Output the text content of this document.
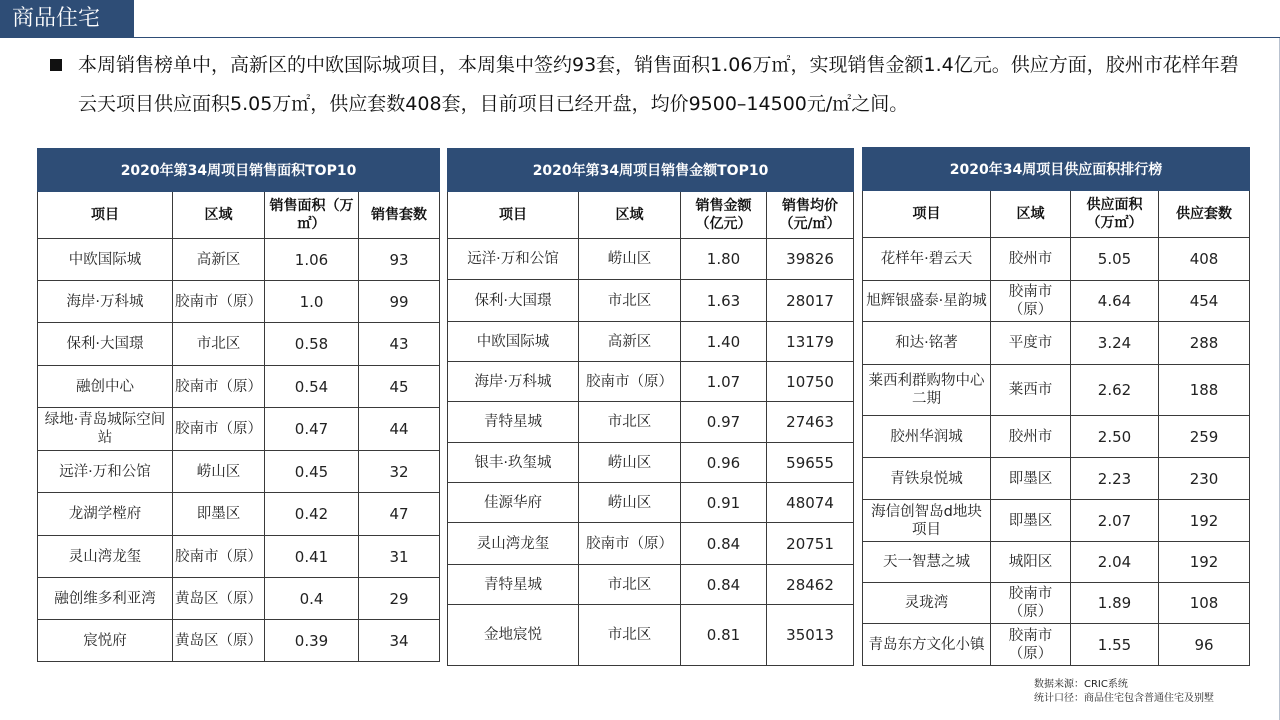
商品住宅
本周销售榜单中，高新区的中欧国际城项目，本周集中签约93套，销售面积1.06万㎡，实现销售金额1.4亿元。供应方面，胶州市花样年碧云天项目供应面积5.05万㎡，供应套数408套，目前项目已经开盘，均价9500–14500元/㎡之间。
2020年第34周项目销售面积TOP10			
项目	区域	销售面积（万㎡）	销售套数
中欧国际城	高新区	1.06	93
海岸·万科城	胶南市（原）	1.0	99
保利·大国璟	市北区	0.58	43
融创中心	胶南市（原）	0.54	45
绿地·青岛城际空间站	胶南市（原）	0.47	44
远洋·万和公馆	崂山区	0.45	32
龙湖学樘府	即墨区	0.42	47
灵山湾龙玺	胶南市（原）	0.41	31
融创维多利亚湾	黄岛区（原）	0.4	29
宸悦府	黄岛区（原）	0.39	34
2020年第34周项目销售金额TOP10			
项目	区域	销售金额（亿元）	销售均价（元/㎡）
远洋·万和公馆	崂山区	1.80	39826
保利·大国璟	市北区	1.63	28017
中欧国际城	高新区	1.40	13179
海岸·万科城	胶南市（原）	1.07	10750
青特星城	市北区	0.97	27463
银丰·玖玺城	崂山区	0.96	59655
佳源华府	崂山区	0.91	48074
灵山湾龙玺	胶南市（原）	0.84	20751
青特星城	市北区	0.84	28462
金地宸悦	市北区	0.81	35013
2020年34周项目供应面积排行榜			
项目	区域	供应面积（万㎡）	供应套数
花样年·碧云天	胶州市	5.05	408
旭辉银盛泰·星韵城	胶南市（原）	4.64	454
和达·铭著	平度市	3.24	288
莱西利群购物中心二期	莱西市	2.62	188
胶州华润城	胶州市	2.50	259
青铁泉悦城	即墨区	2.23	230
海信创智岛d地块项目	即墨区	2.07	192
天一智慧之城	城阳区	2.04	192
灵珑湾	胶南市（原）	1.89	108
青岛东方文化小镇	胶南市（原）	1.55	96
数据来源：CRIC系统
统计口径：商品住宅包含普通住宅及别墅
